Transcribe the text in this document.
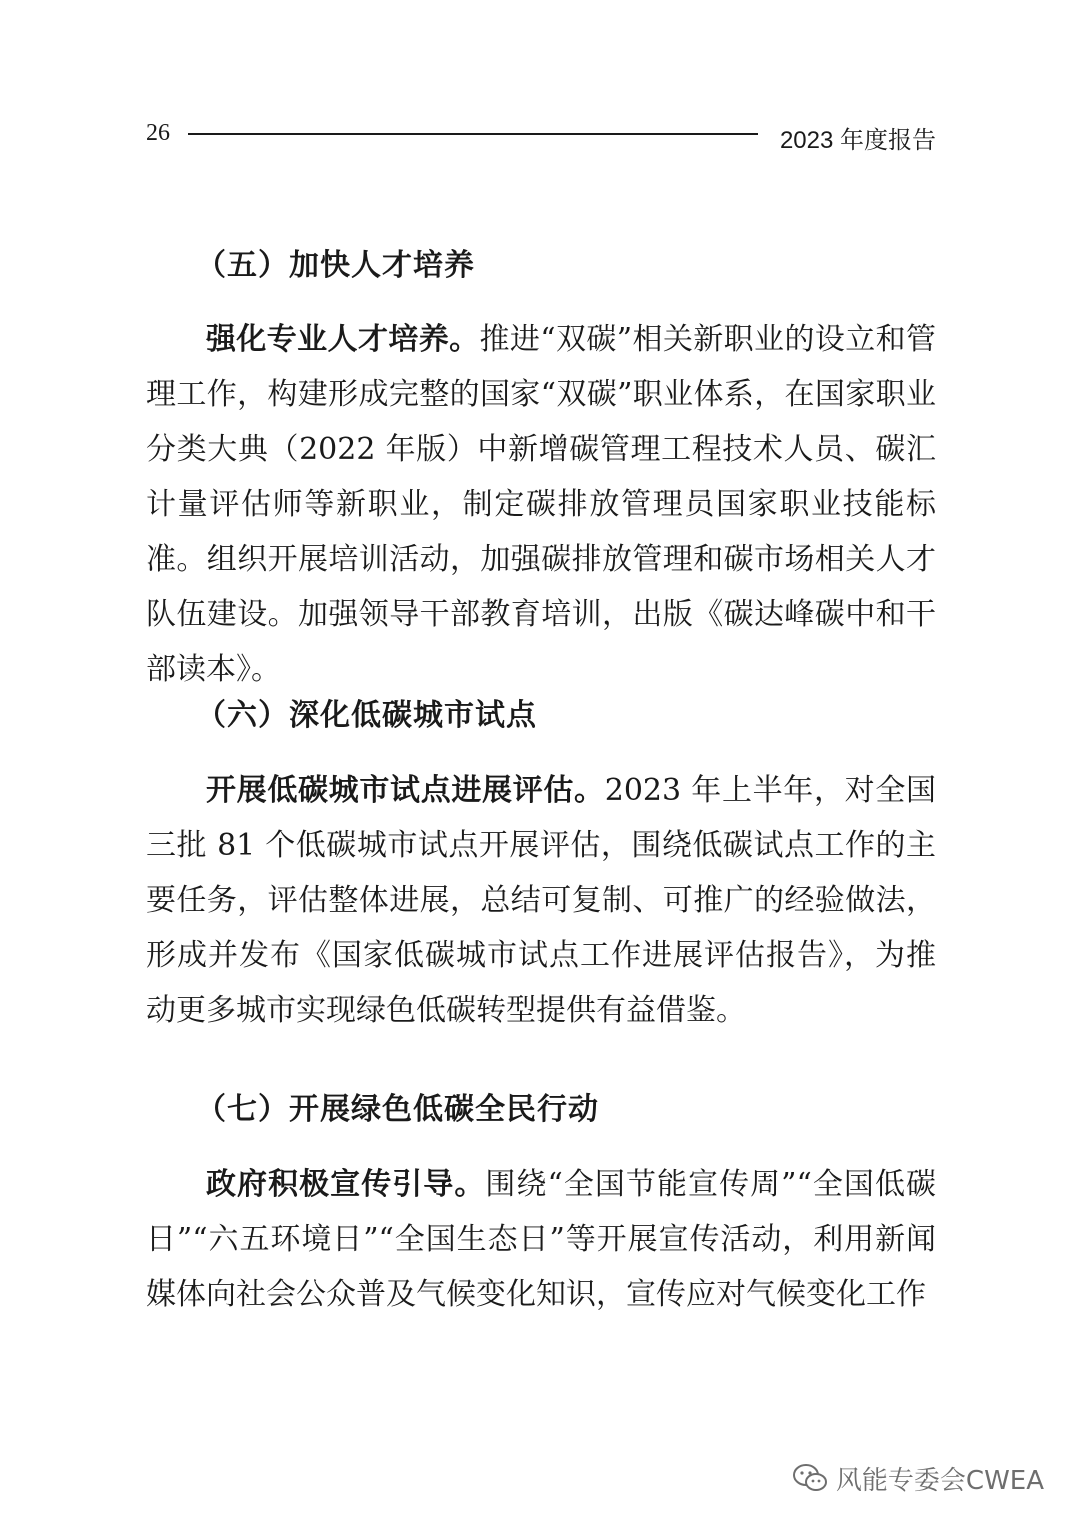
26	2023 年度报告
（五）加快人才培养

强化专业人才培养。推进“双碳”相关新职业的设立和管理工作，构建形成完整的国家“双碳”职业体系，在国家职业分类大典（2022 年版）中新增碳管理工程技术人员、碳汇计量评估师等新职业，制定碳排放管理员国家职业技能标准。组织开展培训活动，加强碳排放管理和碳市场相关人才队伍建设。加强领导干部教育培训，出版《碳达峰碳中和干部读本》。

（六）深化低碳城市试点

开展低碳城市试点进展评估。2023 年上半年，对全国三批 81 个低碳城市试点开展评估，围绕低碳试点工作的主要任务，评估整体进展，总结可复制、可推广的经验做法，形成并发布《国家低碳城市试点工作进展评估报告》，为推动更多城市实现绿色低碳转型提供有益借鉴。

（七）开展绿色低碳全民行动

政府积极宣传引导。围绕“全国节能宣传周”“全国低碳日”“六五环境日”“全国生态日”等开展宣传活动，利用新闻媒体向社会公众普及气候变化知识，宣传应对气候变化工作

风能专委会CWEA
